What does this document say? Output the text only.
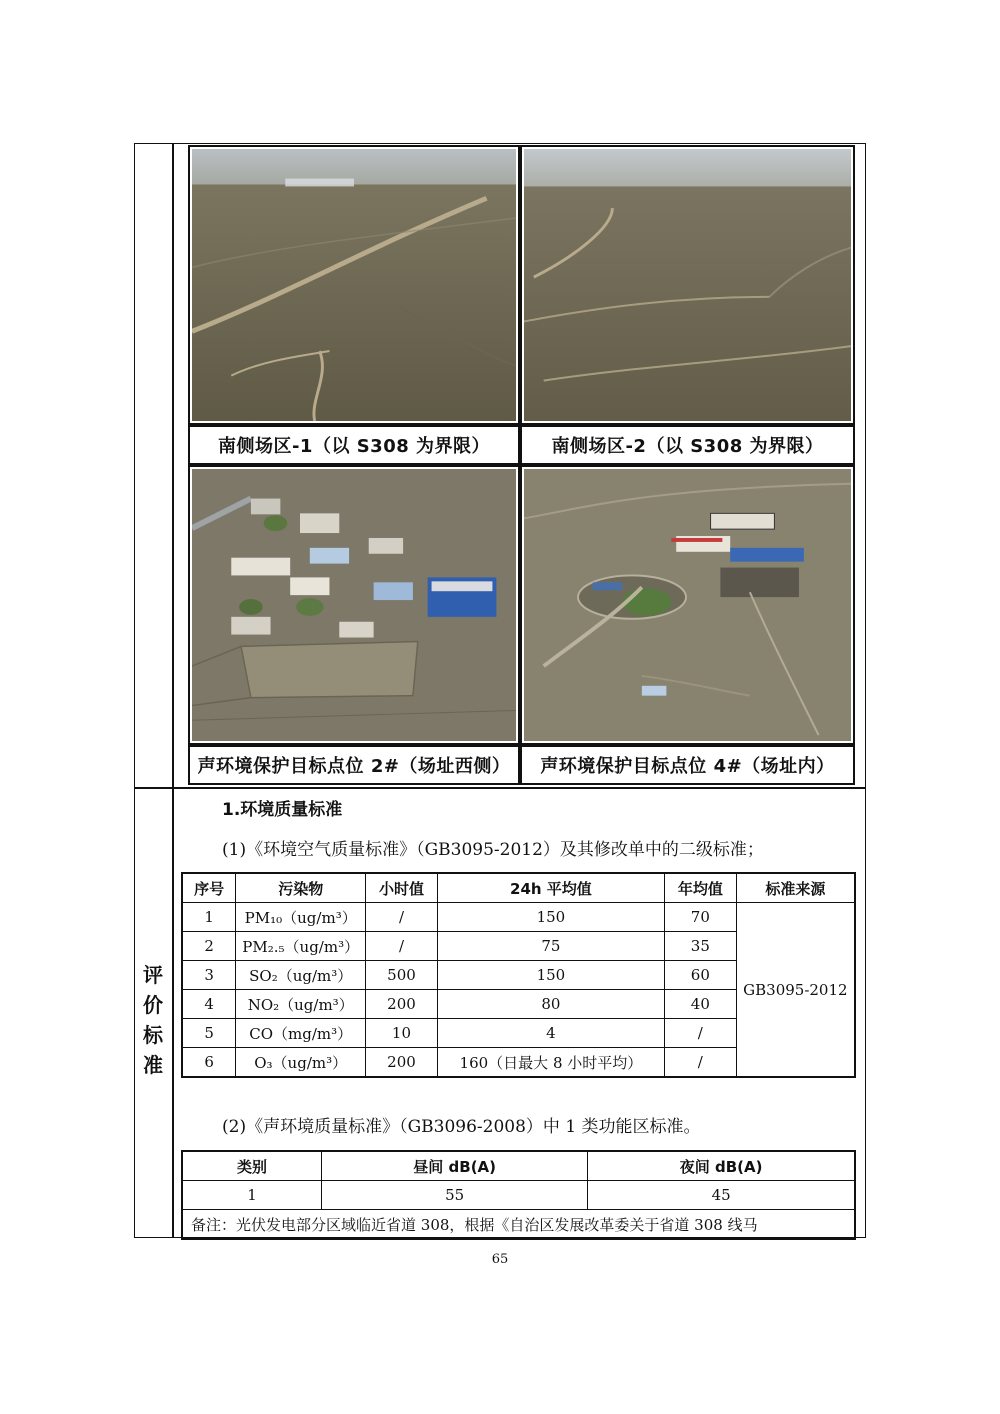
南侧场区-1（以 S308 为界限）	南侧场区-2（以 S308 为界限）
声环境保护目标点位 2#（场址西侧）	声环境保护目标点位 4#（场址内）
评
价
标
准
1.环境质量标准
(1)《环境空气质量标准》（GB3095-2012）及其修改单中的二级标准；
序号	污染物	小时值	24h 平均值	年均值	标准来源
1	PM₁₀（ug/m³）	/	150	70	GB3095-2012
2	PM₂.₅（ug/m³）	/	75	35	
3	SO₂（ug/m³）	500	150	60	
4	NO₂（ug/m³）	200	80	40	
5	CO（mg/m³）	10	4	/	
6	O₃（ug/m³）	200	160（日最大 8 小时平均）	/	
(2)《声环境质量标准》（GB3096-2008）中 1 类功能区标准。
类别	昼间 dB(A)	夜间 dB(A)
1	55	45
备注：光伏发电部分区域临近省道 308，根据《自治区发展改革委关于省道 308 线马		
65
